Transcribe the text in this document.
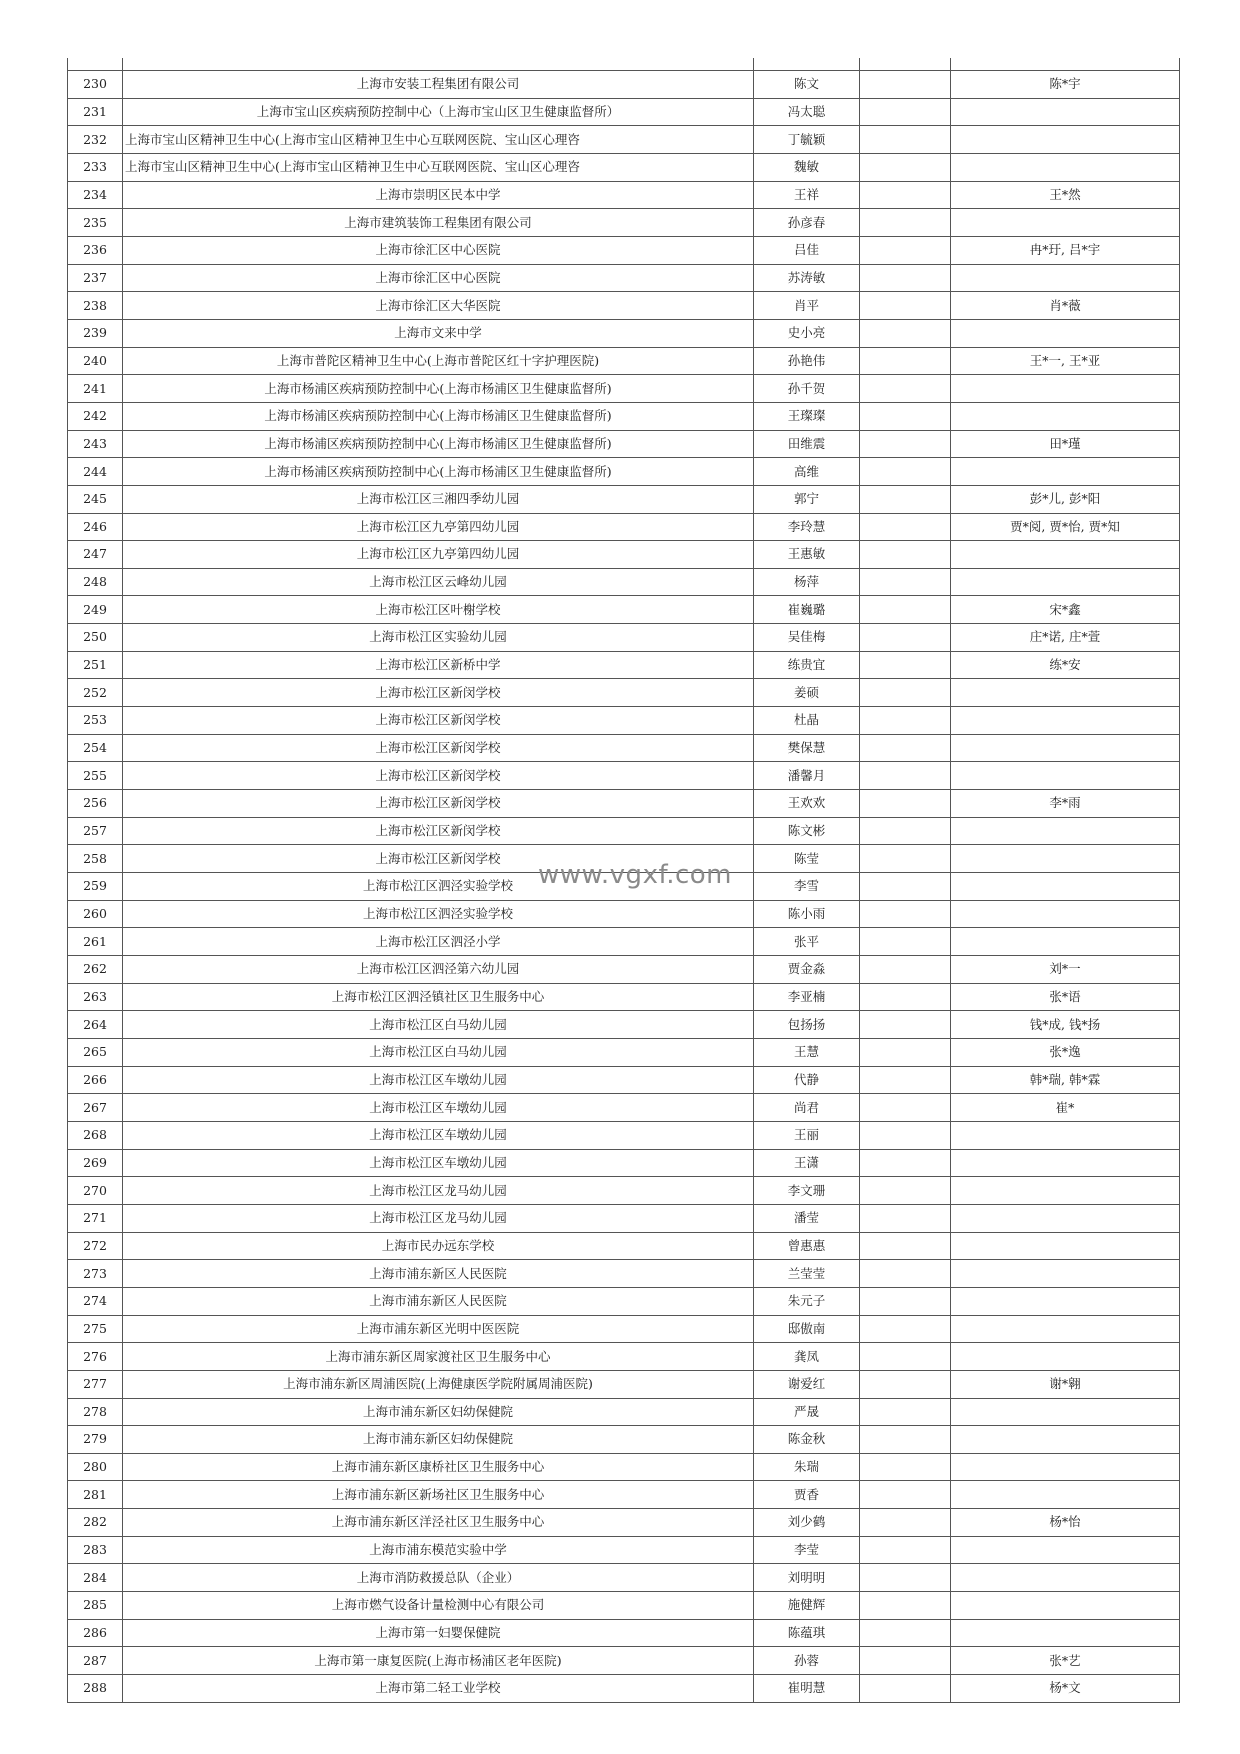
230	上海市安装工程集团有限公司	陈文		陈*宇
231	上海市宝山区疾病预防控制中心（上海市宝山区卫生健康监督所）	冯太聪		
232	上海市宝山区精神卫生中心(上海市宝山区精神卫生中心互联网医院、宝山区心理咨	丁毓颖		
233	上海市宝山区精神卫生中心(上海市宝山区精神卫生中心互联网医院、宝山区心理咨	魏敏		
234	上海市崇明区民本中学	王祥		王*然
235	上海市建筑装饰工程集团有限公司	孙彦春		
236	上海市徐汇区中心医院	吕佳		冉*玗, 吕*宇
237	上海市徐汇区中心医院	苏涛敏		
238	上海市徐汇区大华医院	肖平		肖*薇
239	上海市文来中学	史小亮		
240	上海市普陀区精神卫生中心(上海市普陀区红十字护理医院)	孙艳伟		王*一, 王*亚
241	上海市杨浦区疾病预防控制中心(上海市杨浦区卫生健康监督所)	孙千贺		
242	上海市杨浦区疾病预防控制中心(上海市杨浦区卫生健康监督所)	王璨璨		
243	上海市杨浦区疾病预防控制中心(上海市杨浦区卫生健康监督所)	田维震		田*瑾
244	上海市杨浦区疾病预防控制中心(上海市杨浦区卫生健康监督所)	高维		
245	上海市松江区三湘四季幼儿园	郭宁		彭*儿, 彭*阳
246	上海市松江区九亭第四幼儿园	李玲慧		贾*阅, 贾*怡, 贾*知
247	上海市松江区九亭第四幼儿园	王惠敏		
248	上海市松江区云峰幼儿园	杨萍		
249	上海市松江区叶榭学校	崔巍璐		宋*鑫
250	上海市松江区实验幼儿园	吴佳梅		庄*诺, 庄*萱
251	上海市松江区新桥中学	练贵宜		练*安
252	上海市松江区新闵学校	姜硕		
253	上海市松江区新闵学校	杜晶		
254	上海市松江区新闵学校	樊保慧		
255	上海市松江区新闵学校	潘馨月		
256	上海市松江区新闵学校	王欢欢		李*雨
257	上海市松江区新闵学校	陈文彬		
258	上海市松江区新闵学校	陈莹		
259	上海市松江区泗泾实验学校	李雪		
260	上海市松江区泗泾实验学校	陈小雨		
261	上海市松江区泗泾小学	张平		
262	上海市松江区泗泾第六幼儿园	贾金淼		刘*一
263	上海市松江区泗泾镇社区卫生服务中心	李亚楠		张*语
264	上海市松江区白马幼儿园	包扬扬		钱*成, 钱*扬
265	上海市松江区白马幼儿园	王慧		张*逸
266	上海市松江区车墩幼儿园	代静		韩*瑞, 韩*霖
267	上海市松江区车墩幼儿园	尚君		崔*
268	上海市松江区车墩幼儿园	王丽		
269	上海市松江区车墩幼儿园	王潇		
270	上海市松江区龙马幼儿园	李文珊		
271	上海市松江区龙马幼儿园	潘莹		
272	上海市民办远东学校	曾惠惠		
273	上海市浦东新区人民医院	兰莹莹		
274	上海市浦东新区人民医院	朱元子		
275	上海市浦东新区光明中医医院	邸傲南		
276	上海市浦东新区周家渡社区卫生服务中心	龚凤		
277	上海市浦东新区周浦医院(上海健康医学院附属周浦医院)	谢爱红		谢*翱
278	上海市浦东新区妇幼保健院	严晟		
279	上海市浦东新区妇幼保健院	陈金秋		
280	上海市浦东新区康桥社区卫生服务中心	朱瑞		
281	上海市浦东新区新场社区卫生服务中心	贾香		
282	上海市浦东新区洋泾社区卫生服务中心	刘少鹤		杨*怡
283	上海市浦东模范实验中学	李莹		
284	上海市消防救援总队（企业）	刘明明		
285	上海市燃气设备计量检测中心有限公司	施健辉		
286	上海市第一妇婴保健院	陈蕴琪		
287	上海市第一康复医院(上海市杨浦区老年医院)	孙蓉		张*艺
288	上海市第二轻工业学校	崔明慧		杨*文
www.vgxf.com
